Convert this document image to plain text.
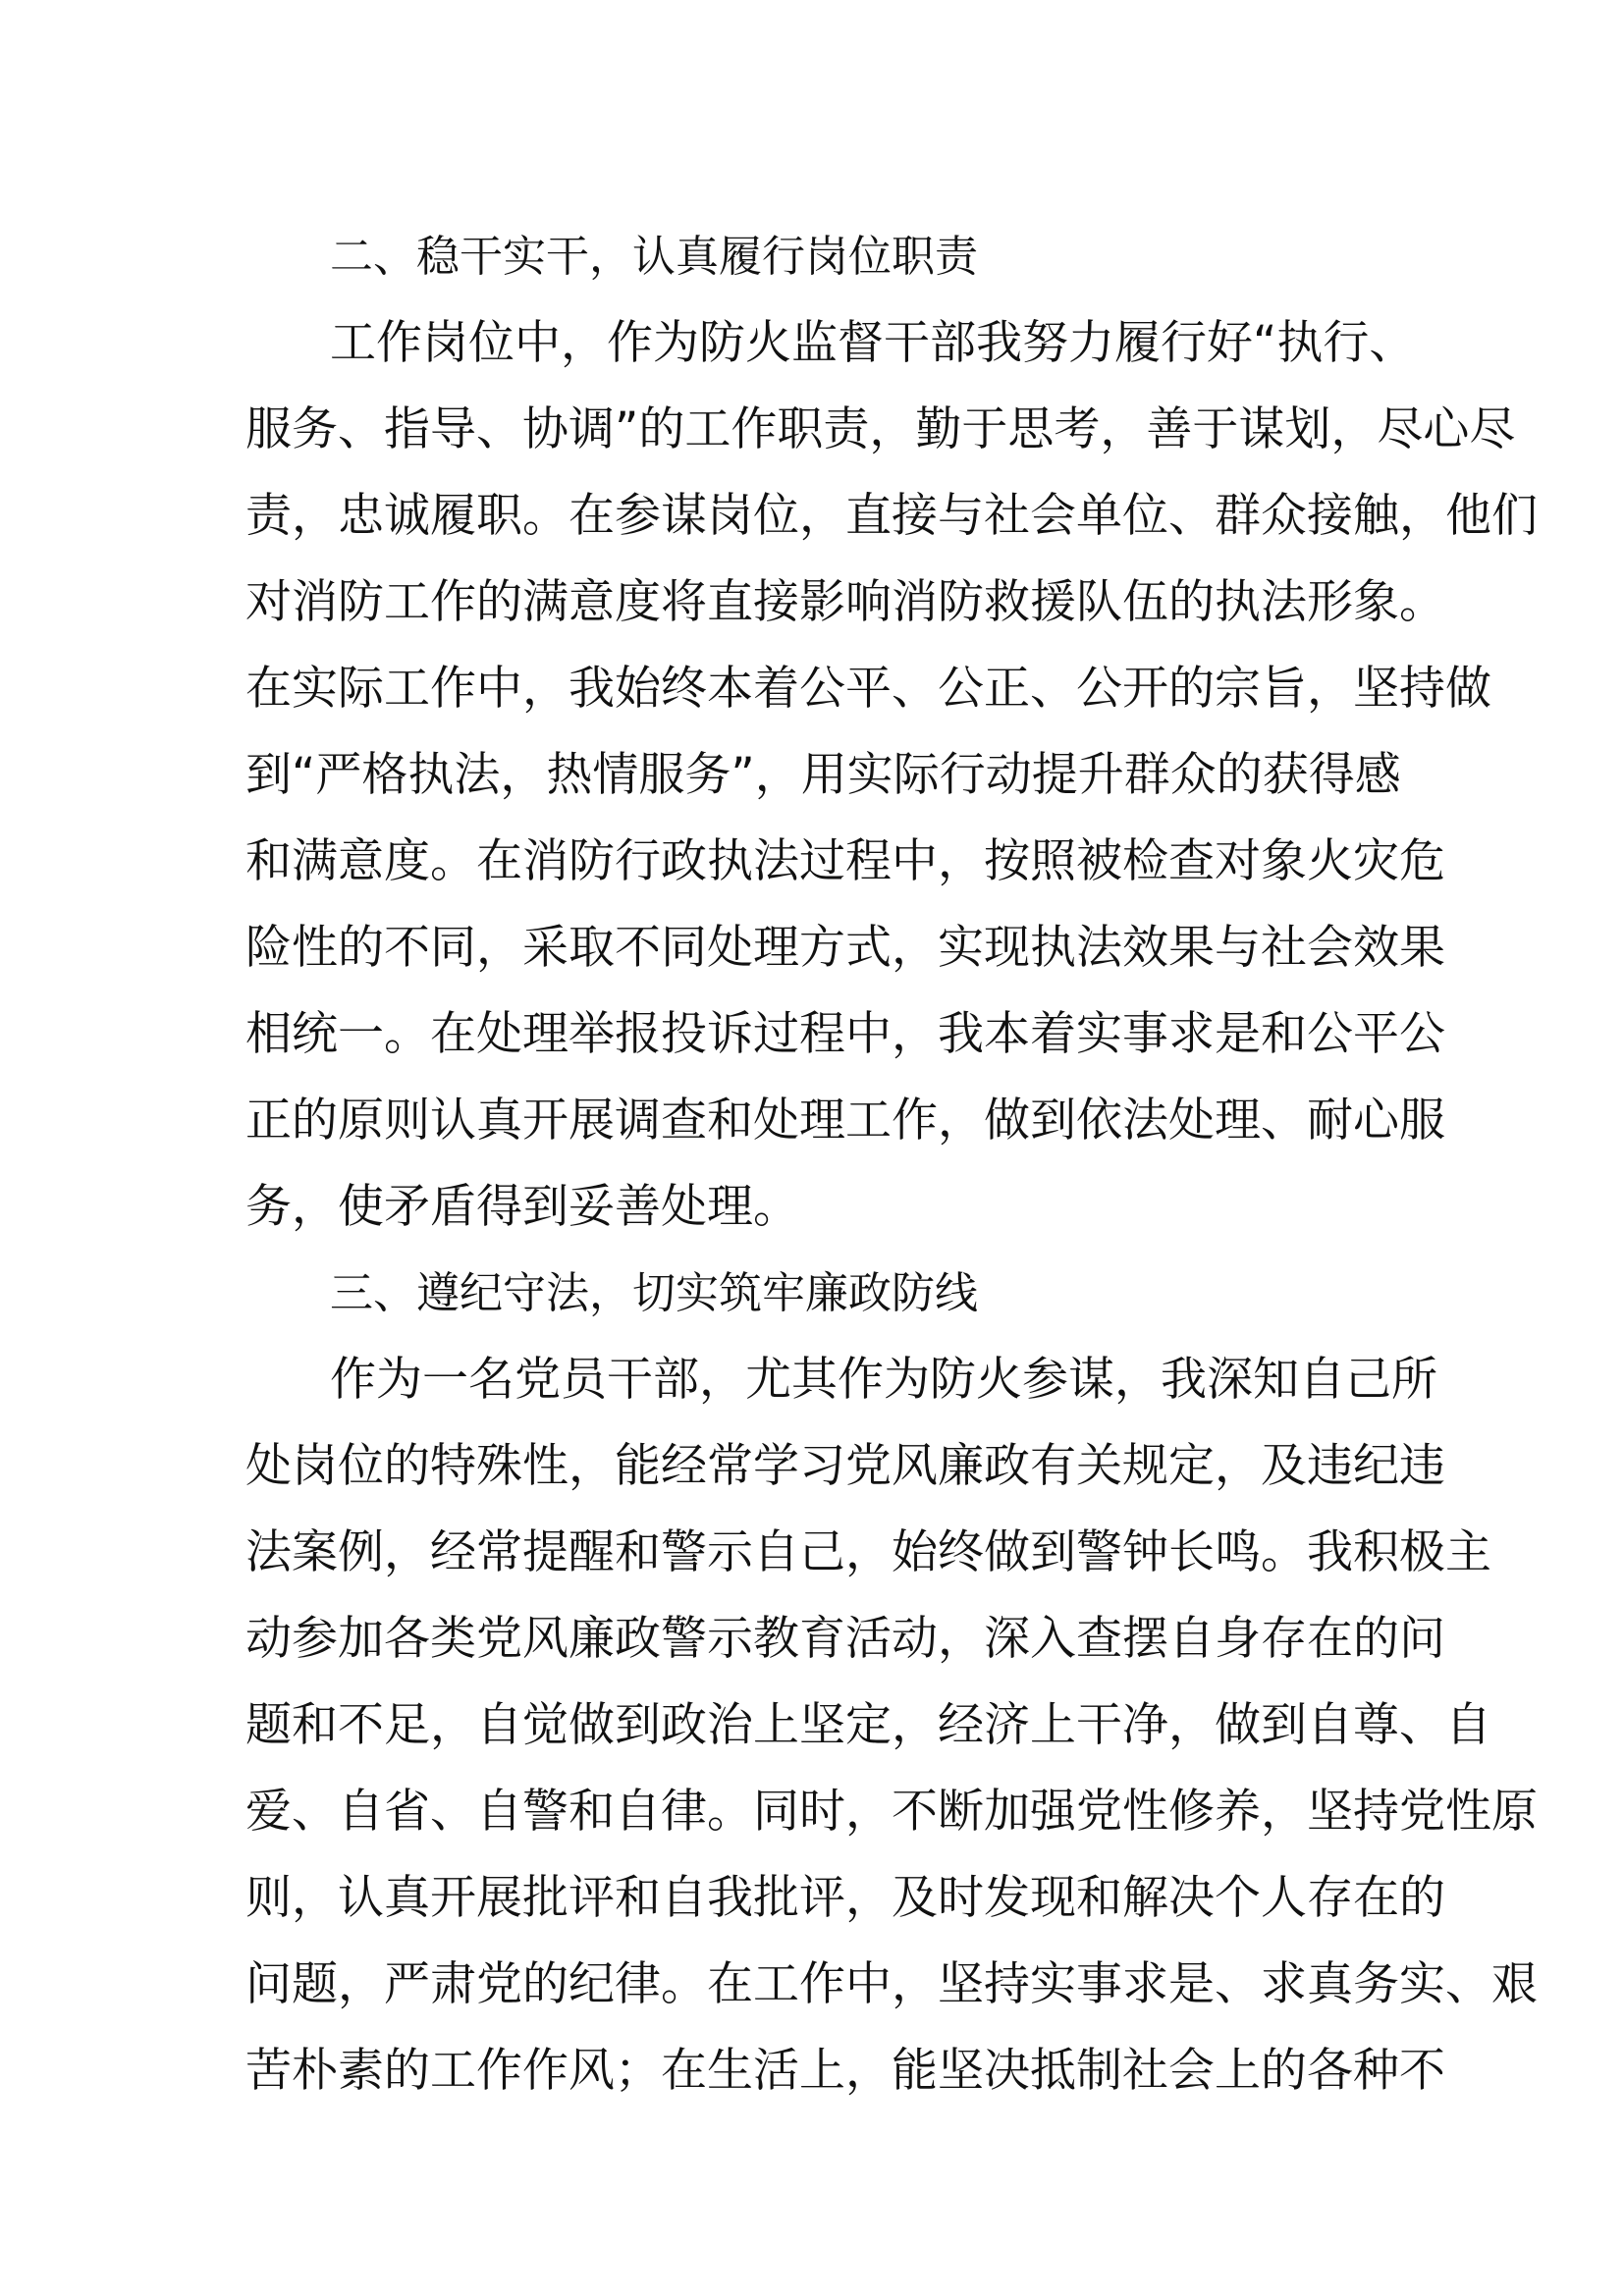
二、稳干实干，认真履行岗位职责
工作岗位中，作为防火监督干部我努力履行好“执行、
服务、指导、协调”的工作职责，勤于思考，善于谋划，尽心尽
责，忠诚履职。在参谋岗位，直接与社会单位、群众接触，他们
对消防工作的满意度将直接影响消防救援队伍的执法形象。
在实际工作中，我始终本着公平、公正、公开的宗旨，坚持做
到“严格执法，热情服务”，用实际行动提升群众的获得感
和满意度。在消防行政执法过程中，按照被检查对象火灾危
险性的不同，采取不同处理方式，实现执法效果与社会效果
相统一。在处理举报投诉过程中，我本着实事求是和公平公
正的原则认真开展调查和处理工作，做到依法处理、耐心服
务，使矛盾得到妥善处理。
三、遵纪守法，切实筑牢廉政防线
作为一名党员干部，尤其作为防火参谋，我深知自己所
处岗位的特殊性，能经常学习党风廉政有关规定，及违纪违
法案例，经常提醒和警示自己，始终做到警钟长鸣。我积极主
动参加各类党风廉政警示教育活动，深入查摆自身存在的问
题和不足，自觉做到政治上坚定，经济上干净，做到自尊、自
爱、自省、自警和自律。同时，不断加强党性修养，坚持党性原
则，认真开展批评和自我批评，及时发现和解决个人存在的
问题，严肃党的纪律。在工作中，坚持实事求是、求真务实、艰
苦朴素的工作作风；在生活上，能坚决抵制社会上的各种不
